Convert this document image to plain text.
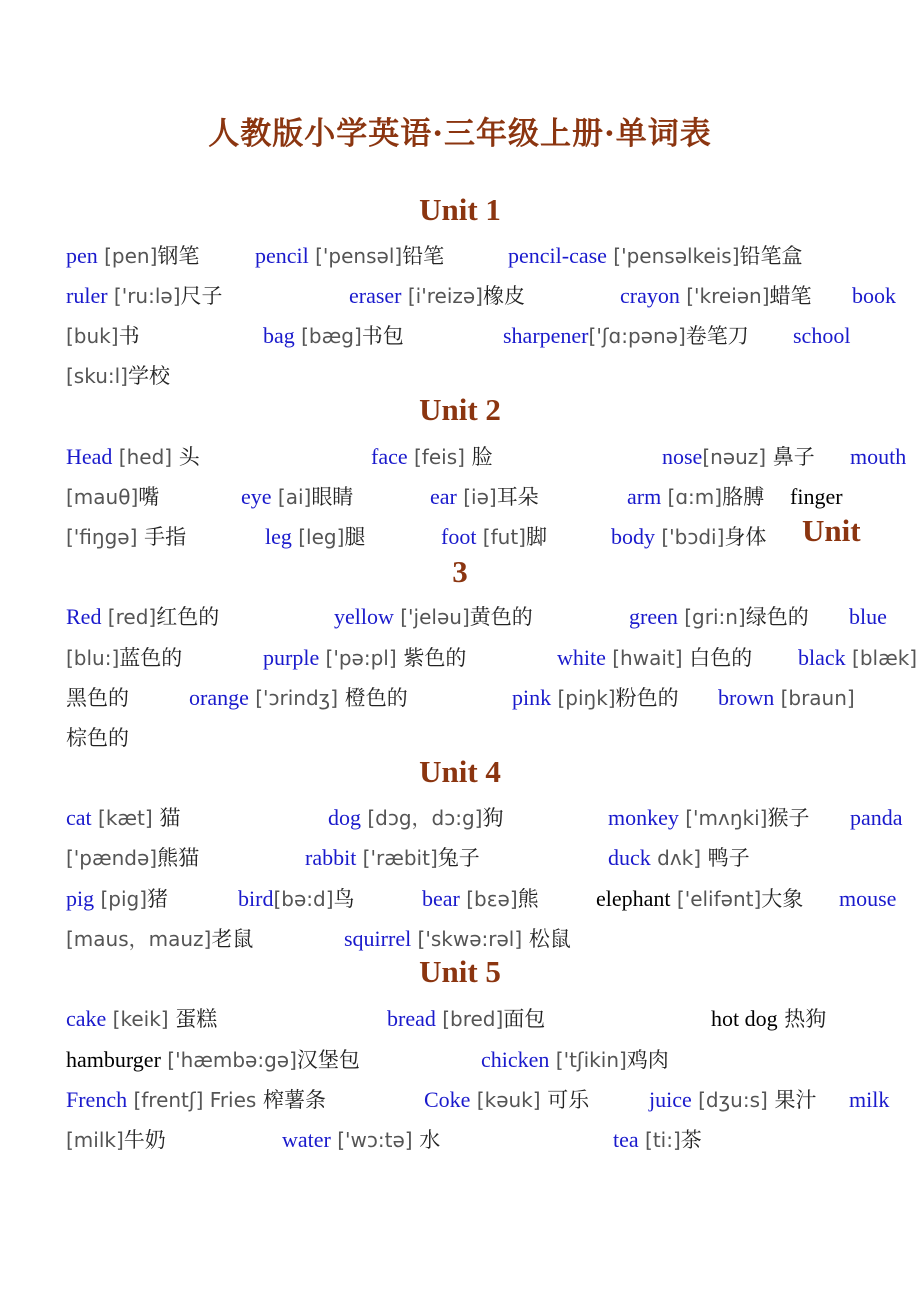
人教版小学英语·三年级上册·单词表
Unit 1
Unit 2
3
Unit 4
Unit 5
pen [pen]钢笔	pencil ['pensəl]铅笔	pencil-case ['pensəlkeis]铅笔盒
ruler ['ru:lə]尺子	eraser [i'reizə]橡皮	crayon ['kreiən]蜡笔 book
[buk]书	bag [bæg]书包	sharpener['ʃɑ:pənə]卷笔刀 school
[sku:l]学校
Head [hed] 头	face [feis] 脸	nose[nəuz] 鼻子 mouth
[mauθ]嘴	eye [ai]眼睛	ear [iə]耳朵	arm [ɑ:m]胳膊 finger
['fiŋgə] 手指	leg [leg]腿	foot [fut]脚	body ['bɔdi]身体 Unit
Red [red]红色的	yellow ['jeləu]黄色的	green [gri:n]绿色的 blue
[blu:]蓝色的	purple ['pə:pl] 紫色的	white [hwait] 白色的 black [blæk]
黑色的	orange ['ɔrindʒ] 橙色的	pink [piŋk]粉色的 brown [braun]
棕色的
cat [kæt] 猫	dog [dɔg，dɔ:g]狗	monkey ['mʌŋki]猴子 panda
['pændə]熊猫	rabbit ['ræbit]兔子	duck dʌk] 鸭子
pig [pig]猪	bird[bə:d]鸟	bear [bεə]熊	elephant ['elifənt]大象 mouse
[maus，mauz]老鼠	squirrel ['skwə:rəl] 松鼠
cake [keik] 蛋糕	bread [bred]面包	hot dog 热狗
hamburger ['hæmbə:gə]汉堡包	chicken ['tʃikin]鸡肉
French [frentʃ] Fries 榨薯条	Coke [kəuk] 可乐	juice [dʒu:s] 果汁 milk
[milk]牛奶	water ['wɔ:tə] 水	tea [ti:]茶
